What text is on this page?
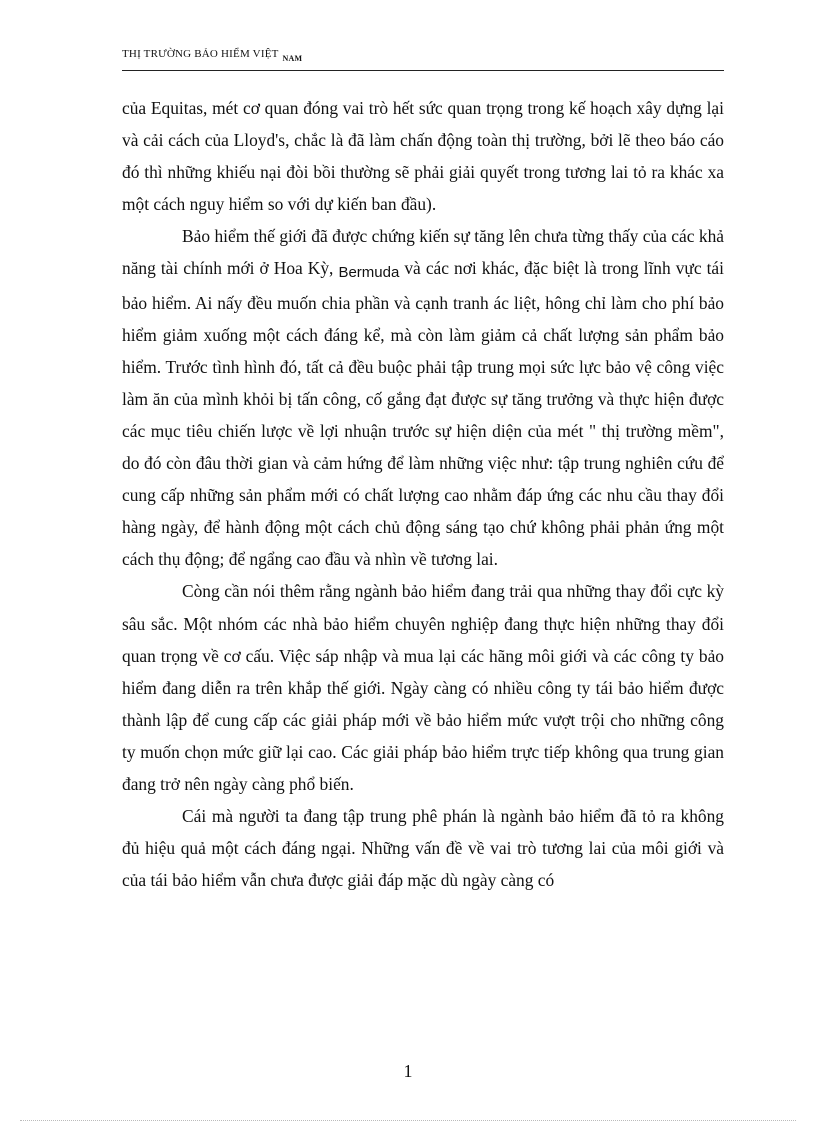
THỊ TRƯỜNG BẢO HIỂM VIỆT $_{NAM}$

của Equitas, mét cơ quan đóng vai trò hết sức quan trọng trong kế hoạch xây dựng lại và cải cách của Lloyd's, chắc là đã làm chấn động toàn thị trường, bởi lẽ theo báo cáo đó thì những khiếu nại đòi bồi thường sẽ phải giải quyết trong tương lai tỏ ra khác xa một cách nguy hiểm so với dự kiến ban đầu).

Bảo hiểm thế giới đã được chứng kiến sự tăng lên chưa từng thấy của các khả năng tài chính mới ở Hoa Kỳ, Bermuda và các nơi khác, đặc biệt là trong lĩnh vực tái bảo hiểm. Ai nấy đều muốn chia phần và cạnh tranh ác liệt, hông chỉ làm cho phí bảo hiểm giảm xuống một cách đáng kể, mà còn làm giảm cả chất lượng sản phẩm bảo hiểm. Trước tình hình đó, tất cả đều buộc phải tập trung mọi sức lực bảo vệ công việc làm ăn của mình khỏi bị tấn công, cố gắng đạt được sự tăng trưởng và thực hiện được các mục tiêu chiến lược về lợi nhuận trước sự hiện diện của mét " thị trường mềm", do đó còn đâu thời gian và cảm hứng để làm những việc như: tập trung nghiên cứu để cung cấp những sản phẩm mới có chất lượng cao nhằm đáp ứng các nhu cầu thay đổi hàng ngày, để hành động một cách chủ động sáng tạo chứ không phải phản ứng một cách thụ động; để ngẩng cao đầu và nhìn về tương lai.

Còng cần nói thêm rằng ngành bảo hiểm đang trải qua những thay đổi cực kỳ sâu sắc. Một nhóm các nhà bảo hiểm chuyên nghiệp đang thực hiện những thay đổi quan trọng về cơ cấu. Việc sáp nhập và mua lại các hãng môi giới và các công ty bảo hiểm đang diễn ra trên khắp thế giới. Ngày càng có nhiều công ty tái bảo hiểm được thành lập để cung cấp các giải pháp mới về bảo hiểm mức vượt trội cho những công ty muốn chọn mức giữ lại cao. Các giải pháp bảo hiểm trực tiếp không qua trung gian đang trở nên ngày càng phổ biến.

Cái mà người ta đang tập trung phê phán là ngành bảo hiểm đã tỏ ra không đủ hiệu quả một cách đáng ngại. Những vấn đề về vai trò tương lai của môi giới và của tái bảo hiểm vẫn chưa được giải đáp mặc dù ngày càng có

1
